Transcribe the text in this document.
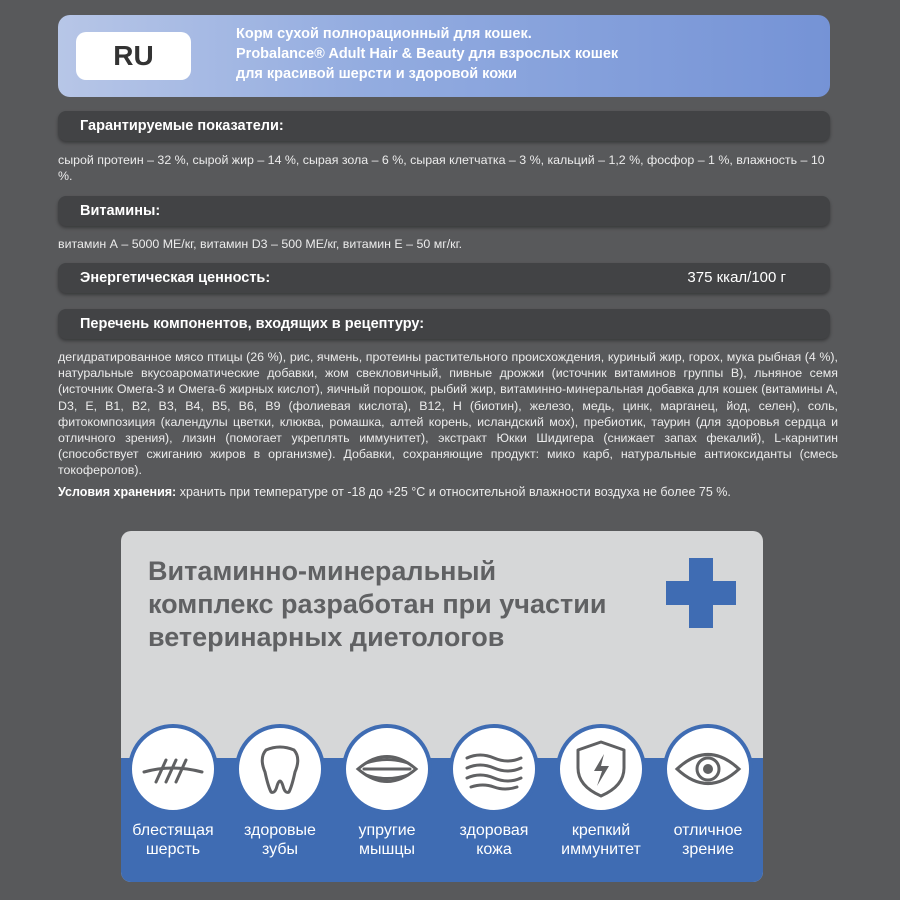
RU
Корм сухой полнорационный для кошек.
Probalance® Adult Hair & Beauty для взрослых кошек
для красивой шерсти и здоровой кожи
Гарантируемые показатели:
сырой протеин – 32 %, сырой жир – 14 %, сырая зола – 6 %, сырая клетчатка – 3 %, кальций – 1,2 %, фосфор – 1 %, влажность – 10 %.
Витамины:
витамин А – 5000 МЕ/кг, витамин D3 – 500 МЕ/кг, витамин Е – 50 мг/кг.
Энергетическая ценность:	375 ккал/100 г
Перечень компонентов, входящих в рецептуру:
дегидратированное мясо птицы (26 %), рис, ячмень, протеины растительного происхождения, куриный жир, горох, мука рыбная (4 %), натуральные вкусоароматические добавки, жом свекловичный, пивные дрожжи (источник витаминов группы В), льняное семя (источник Омега-3 и Омега-6 жирных кислот), яичный порошок, рыбий жир, витаминно-минеральная добавка для кошек (витамины A, D3, E, B1, B2, B3, B4, B5, B6, B9 (фолиевая кислота), B12, H (биотин), железо, медь, цинк, марганец, йод, селен), соль, фитокомпозиция (календулы цветки, клюква, ромашка, алтей корень, исландский мох), пребиотик, таурин (для здоровья сердца и отличного зрения), лизин (помогает укреплять иммунитет), экстракт Юкки Шидигера (снижает запах фекалий), L-карнитин (способствует сжиганию жиров в организме). Добавки, сохраняющие продукт: мико карб, натуральные антиоксиданты (смесь токоферолов).
Условия хранения: хранить при температуре от -18 до +25 °C и относительной влажности воздуха не более 75 %.
Витаминно-минеральный комплекс разработан при участии ветеринарных диетологов
блестящая
шерсть
здоровые
зубы
упругие
мышцы
здоровая
кожа
крепкий
иммунитет
отличное
зрение
